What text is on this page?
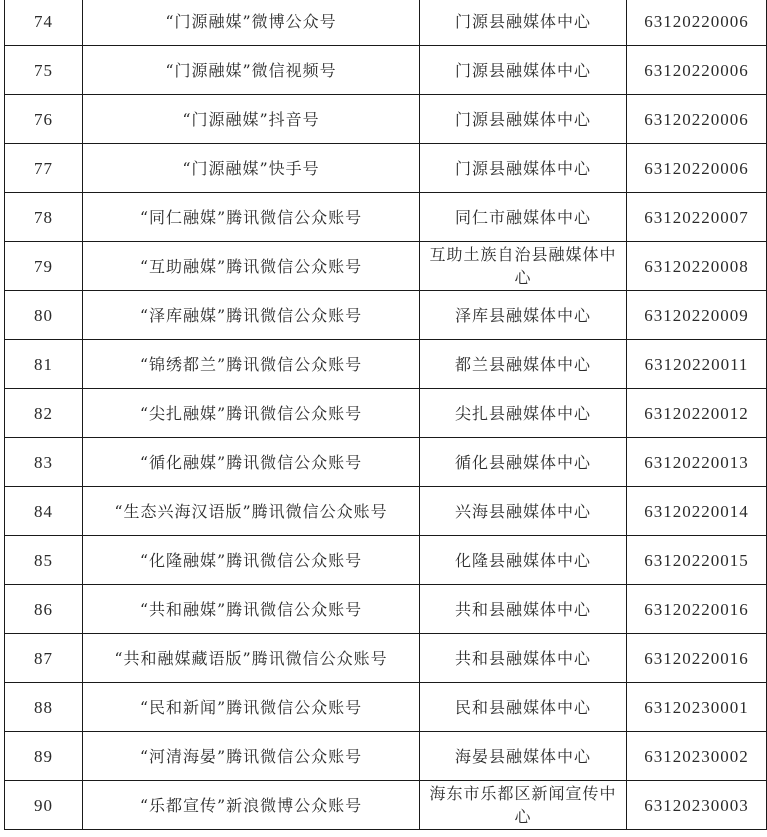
74	“门源融媒”微博公众号	门源县融媒体中心	63120220006
75	“门源融媒”微信视频号	门源县融媒体中心	63120220006
76	“门源融媒”抖音号	门源县融媒体中心	63120220006
77	“门源融媒”快手号	门源县融媒体中心	63120220006
78	“同仁融媒”腾讯微信公众账号	同仁市融媒体中心	63120220007
79	“互助融媒”腾讯微信公众账号	互助土族自治县融媒体中心	63120220008
80	“泽库融媒”腾讯微信公众账号	泽库县融媒体中心	63120220009
81	“锦绣都兰”腾讯微信公众账号	都兰县融媒体中心	63120220011
82	“尖扎融媒”腾讯微信公众账号	尖扎县融媒体中心	63120220012
83	“循化融媒”腾讯微信公众账号	循化县融媒体中心	63120220013
84	“生态兴海汉语版”腾讯微信公众账号	兴海县融媒体中心	63120220014
85	“化隆融媒”腾讯微信公众账号	化隆县融媒体中心	63120220015
86	“共和融媒”腾讯微信公众账号	共和县融媒体中心	63120220016
87	“共和融媒藏语版”腾讯微信公众账号	共和县融媒体中心	63120220016
88	“民和新闻”腾讯微信公众账号	民和县融媒体中心	63120230001
89	“河清海晏”腾讯微信公众账号	海晏县融媒体中心	63120230002
90	“乐都宣传”新浪微博公众账号	海东市乐都区新闻宣传中心	63120230003
